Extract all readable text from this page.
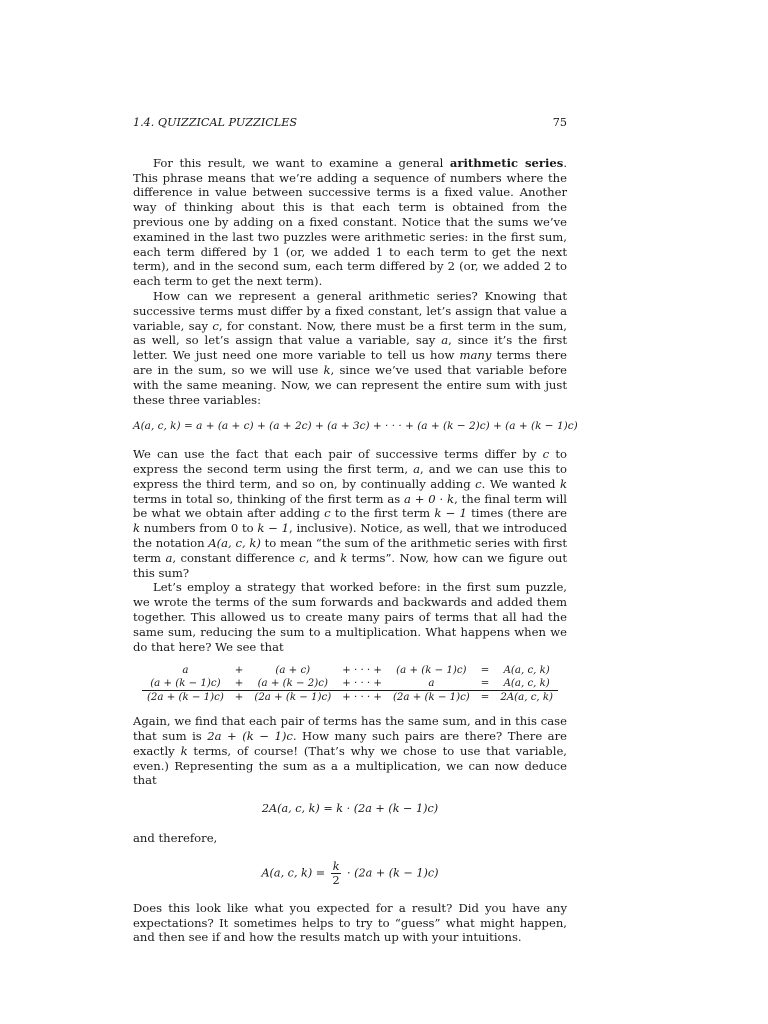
1.4. QUIZZICAL PUZZICLES	75

For this result, we want to examine a general arithmetic series. This phrase means that we’re adding a sequence of numbers where the difference in value between successive terms is a fixed value. Another way of thinking about this is that each term is obtained from the previous one by adding on a fixed constant. Notice that the sums we’ve examined in the last two puzzles were arithmetic series: in the first sum, each term differed by 1 (or, we added 1 to each term to get the next term), and in the second sum, each term differed by 2 (or, we added 2 to each term to get the next term).

How can we represent a general arithmetic series? Knowing that successive terms must differ by a fixed constant, let’s assign that value a variable, say c, for constant. Now, there must be a first term in the sum, as well, so let’s assign that value a variable, say a, since it’s the first letter. We just need one more variable to tell us how many terms there are in the sum, so we will use k, since we’ve used that variable before with the same meaning. Now, we can represent the entire sum with just these three variables:

A(a, c, k) = a + (a + c) + (a + 2c) + (a + 3c) + · · · + (a + (k − 2)c) + (a + (k − 1)c)

We can use the fact that each pair of successive terms differ by c to express the second term using the first term, a, and we can use this to express the third term, and so on, by continually adding c. We wanted k terms in total so, thinking of the first term as a + 0 · k, the final term will be what we obtain after adding c to the first term k − 1 times (there are k numbers from 0 to k − 1, inclusive). Notice, as well, that we introduced the notation A(a, c, k) to mean “the sum of the arithmetic series with first term a, constant difference c, and k terms”. Now, how can we figure out this sum?

Let’s employ a strategy that worked before: in the first sum puzzle, we wrote the terms of the sum forwards and backwards and added them together. This allowed us to create many pairs of terms that all had the same sum, reducing the sum to a multiplication. What happens when we do that here? We see that

a	+	(a + c)	+ · · · +	(a + (k − 1)c)	=	A(a, c, k)
(a + (k − 1)c)	+	(a + (k − 2)c)	+ · · · +	a	=	A(a, c, k)
(2a + (k − 1)c)	+	(2a + (k − 1)c)	+ · · · +	(2a + (k − 1)c)	=	2A(a, c, k)

Again, we find that each pair of terms has the same sum, and in this case that sum is 2a + (k − 1)c. How many such pairs are there? There are exactly k terms, of course! (That’s why we chose to use that variable, even.) Representing the sum as a a multiplication, we can now deduce that

2A(a, c, k) = k · (2a + (k − 1)c)

and therefore,

A(a, c, $k) = \frac{k}{2} \cdot (2a + (k - 1)c)$

Does this look like what you expected for a result? Did you have any expectations? It sometimes helps to try to “guess” what might happen, and then see if and how the results match up with your intuitions.
